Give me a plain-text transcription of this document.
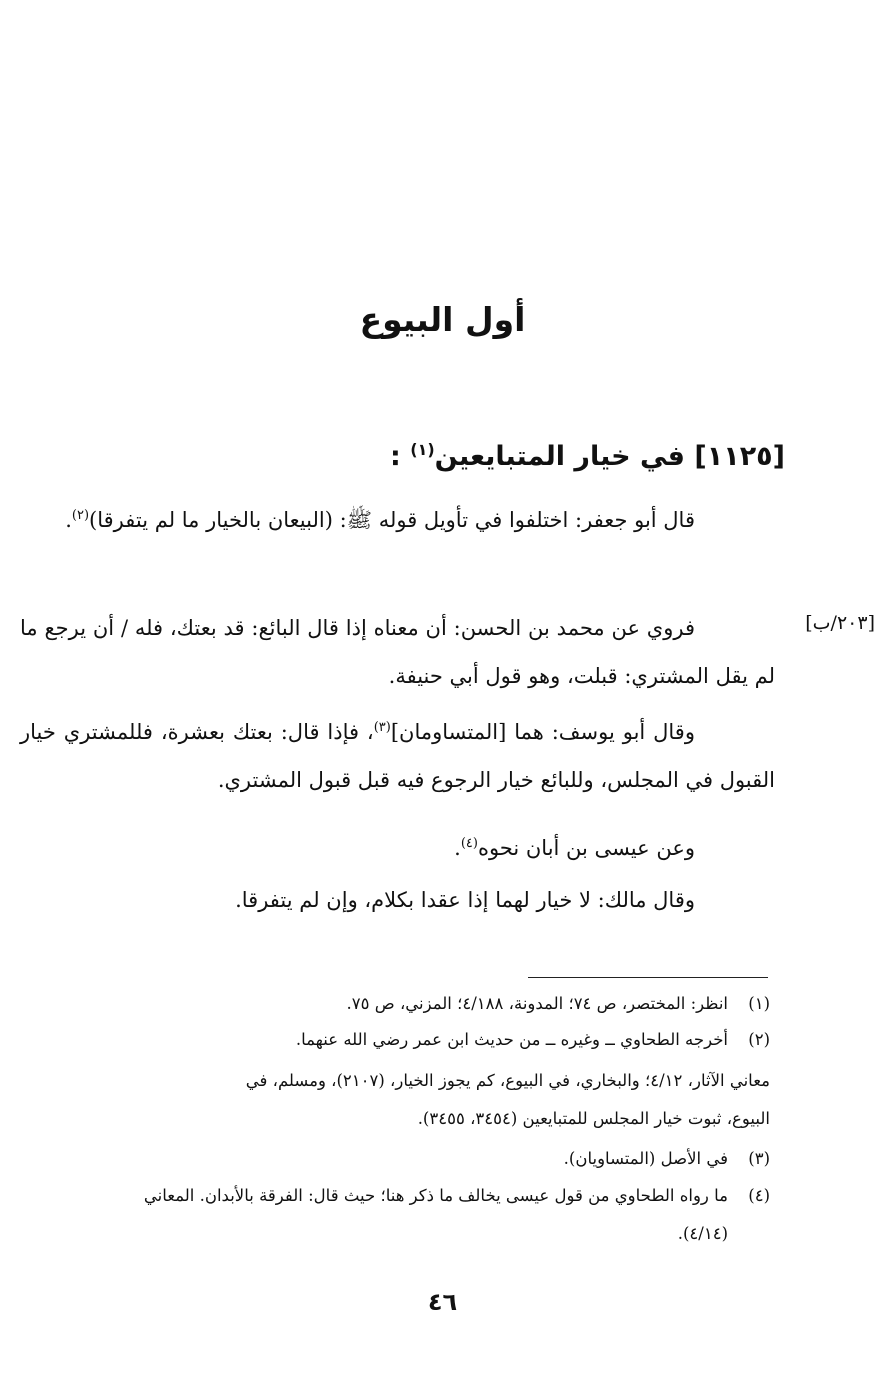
أول البيوع
[١١٢٥] في خيار المتبايعين$^{(١)}$ :
قال أبو جعفر: اختلفوا في تأويل قوله ﷺ: (البيعان بالخيار ما لم يتفرقا)$^{(٢)}$.
[٢٠٣/ب]
فروي عن محمد بن الحسن: أن معناه إذا قال البائع: قد بعتك، فله / أن يرجع ما لم يقل المشتري: قبلت، وهو قول أبي حنيفة.
وقال أبو يوسف: هما [المتساومان]$^{(٣)}$، فإذا قال: بعتك بعشرة، فللمشتري خيار القبول في المجلس، وللبائع خيار الرجوع فيه قبل قبول المشتري.
وعن عيسى بن أبان نحوه$^{(٤)}$.
وقال مالك: لا خيار لهما إذا عقدا بكلام، وإن لم يتفرقا.
(١)انظر: المختصر، ص ٧٤؛ المدونة، ٤/١٨٨؛ المزني، ص ٧٥.
(٢)أخرجه الطحاوي ــ وغيره ــ من حديث ابن عمر رضي الله عنهما.
معاني الآثار، ٤/١٢؛ والبخاري، في البيوع، كم يجوز الخيار، (٢١٠٧)، ومسلم، في
البيوع، ثبوت خيار المجلس للمتبايعين (٣٤٥٤، ٣٤٥٥).
(٣)في الأصل (المتساويان).
(٤)ما رواه الطحاوي من قول عيسى يخالف ما ذكر هنا؛ حيث قال: الفرقة بالأبدان. المعاني
(٤/١٤).
٤٦
